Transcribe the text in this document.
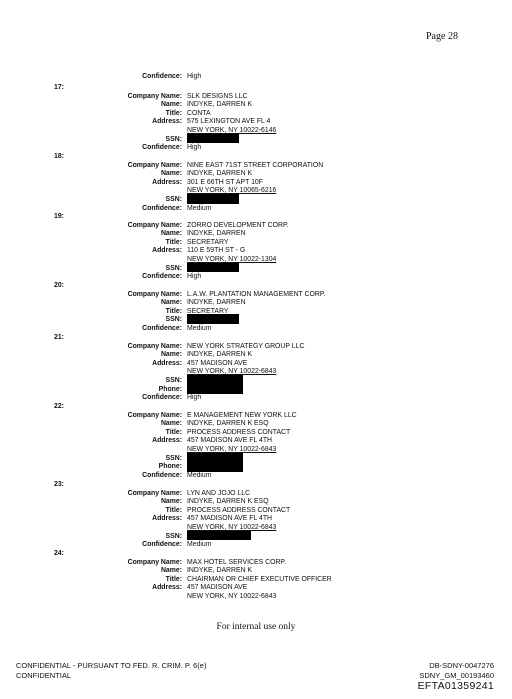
Page 28
Confidence: High
17:
Company Name: SLK DESIGNS LLC
Name: INDYKE, DARREN K
Title: CONTA
Address: 575 LEXINGTON AVE FL 4
NEW YORK, NY 10022-6146
SSN:
Confidence: High
18:
Company Name: NINE EAST 71ST STREET CORPORATION
Name: INDYKE, DARREN K
Address: 301 E 66TH ST APT 10F
NEW YORK, NY 10065-6216
SSN:
Confidence: Medium
19:
Company Name: ZORRO DEVELOPMENT CORP.
Name: INDYKE, DARREN
Title: SECRETARY
Address: 110 E 59TH ST - G
NEW YORK, NY 10022-1304
SSN:
Confidence: High
20:
Company Name: L.A.W. PLANTATION MANAGEMENT CORP.
Name: INDYKE, DARREN
Title: SECRETARY
SSN:
Confidence: Medium
21:
Company Name: NEW YORK STRATEGY GROUP LLC
Name: INDYKE, DARREN K
Address: 457 MADISON AVE
NEW YORK, NY 10022-6843
SSN:
Phone:
Confidence: High
22:
Company Name: E MANAGEMENT NEW YORK LLC
Name: INDYKE, DARREN K ESQ
Title: PROCESS ADDRESS CONTACT
Address: 457 MADISON AVE FL 4TH
NEW YORK, NY 10022-6843
SSN:
Phone:
Confidence: Medium
23:
Company Name: LYN AND JOJO LLC
Name: INDYKE, DARREN K ESQ
Title: PROCESS ADDRESS CONTACT
Address: 457 MADISON AVE FL 4TH
NEW YORK, NY 10022-6843
SSN:
Confidence: Medium
24:
Company Name: MAX HOTEL SERVICES CORP.
Name: INDYKE, DARREN K
Title: CHAIRMAN OR CHIEF EXECUTIVE OFFICER
Address: 457 MADISON AVE
NEW YORK, NY 10022-6843
For internal use only
CONFIDENTIAL - PURSUANT TO FED. R. CRIM. P. 6(e)
CONFIDENTIAL
DB-SDNY-0047276
SDNY_GM_00193460
EFTA01359241
